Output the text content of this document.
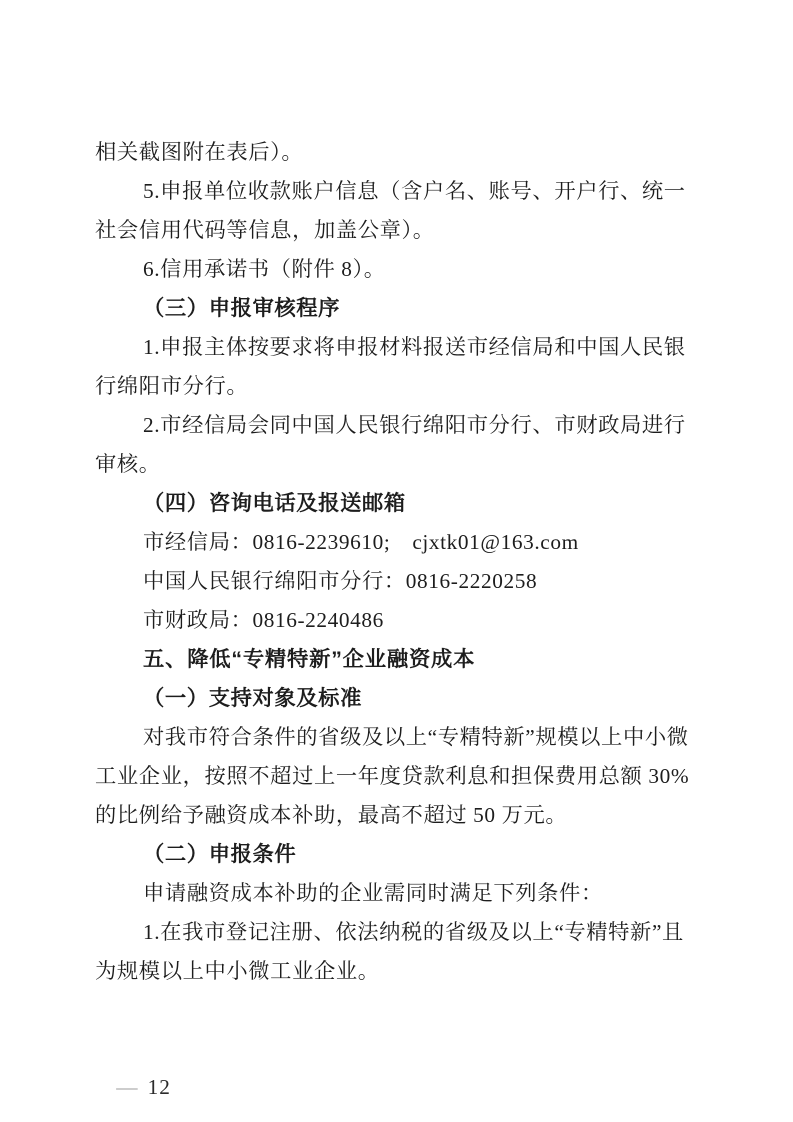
相关截图附在表后）。
5.申报单位收款账户信息（含户名、账号、开户行、统一
社会信用代码等信息，加盖公章）。
6.信用承诺书（附件 8）。
（三）申报审核程序
1.申报主体按要求将申报材料报送市经信局和中国人民银
行绵阳市分行。
2.市经信局会同中国人民银行绵阳市分行、市财政局进行
审核。
（四）咨询电话及报送邮箱
市经信局：0816-2239610;　cjxtk01@163.com
中国人民银行绵阳市分行：0816-2220258
市财政局：0816-2240486
五、降低“专精特新”企业融资成本
（一）支持对象及标准
对我市符合条件的省级及以上“专精特新”规模以上中小微
工业企业，按照不超过上一年度贷款利息和担保费用总额 30%
的比例给予融资成本补助，最高不超过 50 万元。
（二）申报条件
申请融资成本补助的企业需同时满足下列条件：
1.在我市登记注册、依法纳税的省级及以上“专精特新”且
为规模以上中小微工业企业。

— 12
